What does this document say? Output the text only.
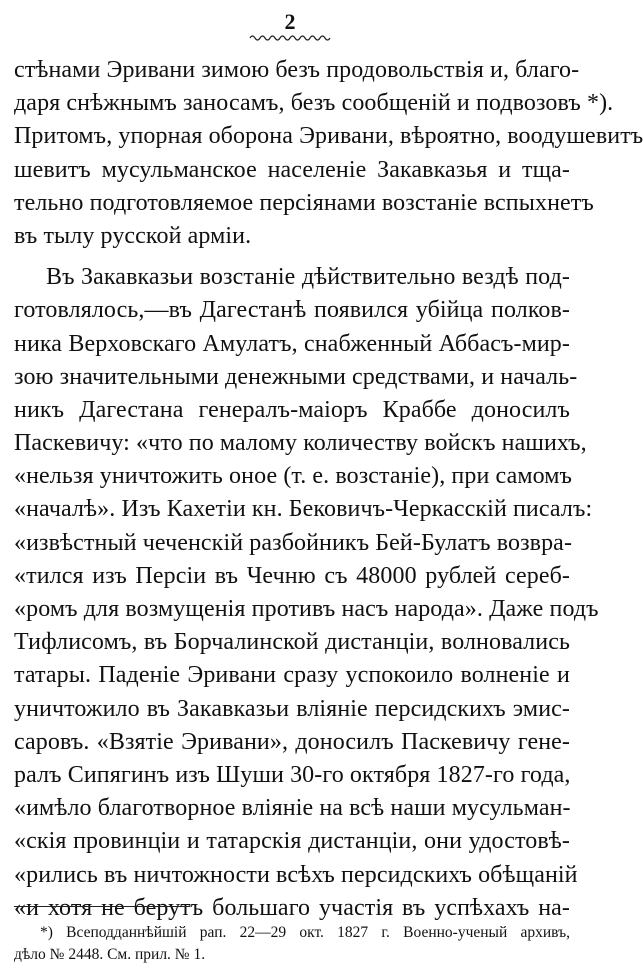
2
стѣнами Эривани зимою безъ продовольствія и, благо-
даря снѣжнымъ заносамъ, безъ сообщеній и подвозовъ *).
Притомъ, упорная оборона Эривани, вѣроятно, воодушевитъ
шевитъ мусульманское населеніе Закавказья и тща-
тельно подготовляемое персіянами возстаніе вспыхнетъ
въ тылу русской арміи.
Въ Закавказьи возстаніе дѣйствительно вездѣ под-
готовлялось,—въ Дагестанѣ появился убійца полков-
ника Верховскаго Амулатъ, снабженный Аббасъ-мир-
зою значительными денежными средствами, и началь-
никъ Дагестана генералъ-маіоръ Краббе доносилъ
Паскевичу: «что по малому количеству войскъ нашихъ,
«нельзя уничтожить оное (т. е. возстаніе), при самомъ
«началѣ». Изъ Кахетіи кн. Бековичъ-Черкасскій писалъ:
«извѣстный чеченскій разбойникъ Бей-Булатъ возвра-
«тился изъ Персіи въ Чечню съ 48000 рублей сереб-
«ромъ для возмущенія противъ насъ народа». Даже подъ
Тифлисомъ, въ Борчалинской дистанціи, волновались
татары. Паденіе Эривани сразу успокоило волненіе и
уничтожило въ Закавказьи вліяніе персидскихъ эмис-
саровъ. «Взятіе Эривани», доносилъ Паскевичу гене-
ралъ Сипягинъ изъ Шуши 30-го октября 1827-го года,
«имѣло благотворное вліяніе на всѣ наши мусульман-
«скія провинціи и татарскія дистанціи, они удостовѣ-
«рились въ ничтожности всѣхъ персидскихъ обѣщаній
«и хотя не берутъ большаго участія въ успѣхахъ на-
*) Всеподданнѣйшій рап. 22—29 окт. 1827 г. Военно-ученый архивъ,
дѣло № 2448. См. прил. № 1.
